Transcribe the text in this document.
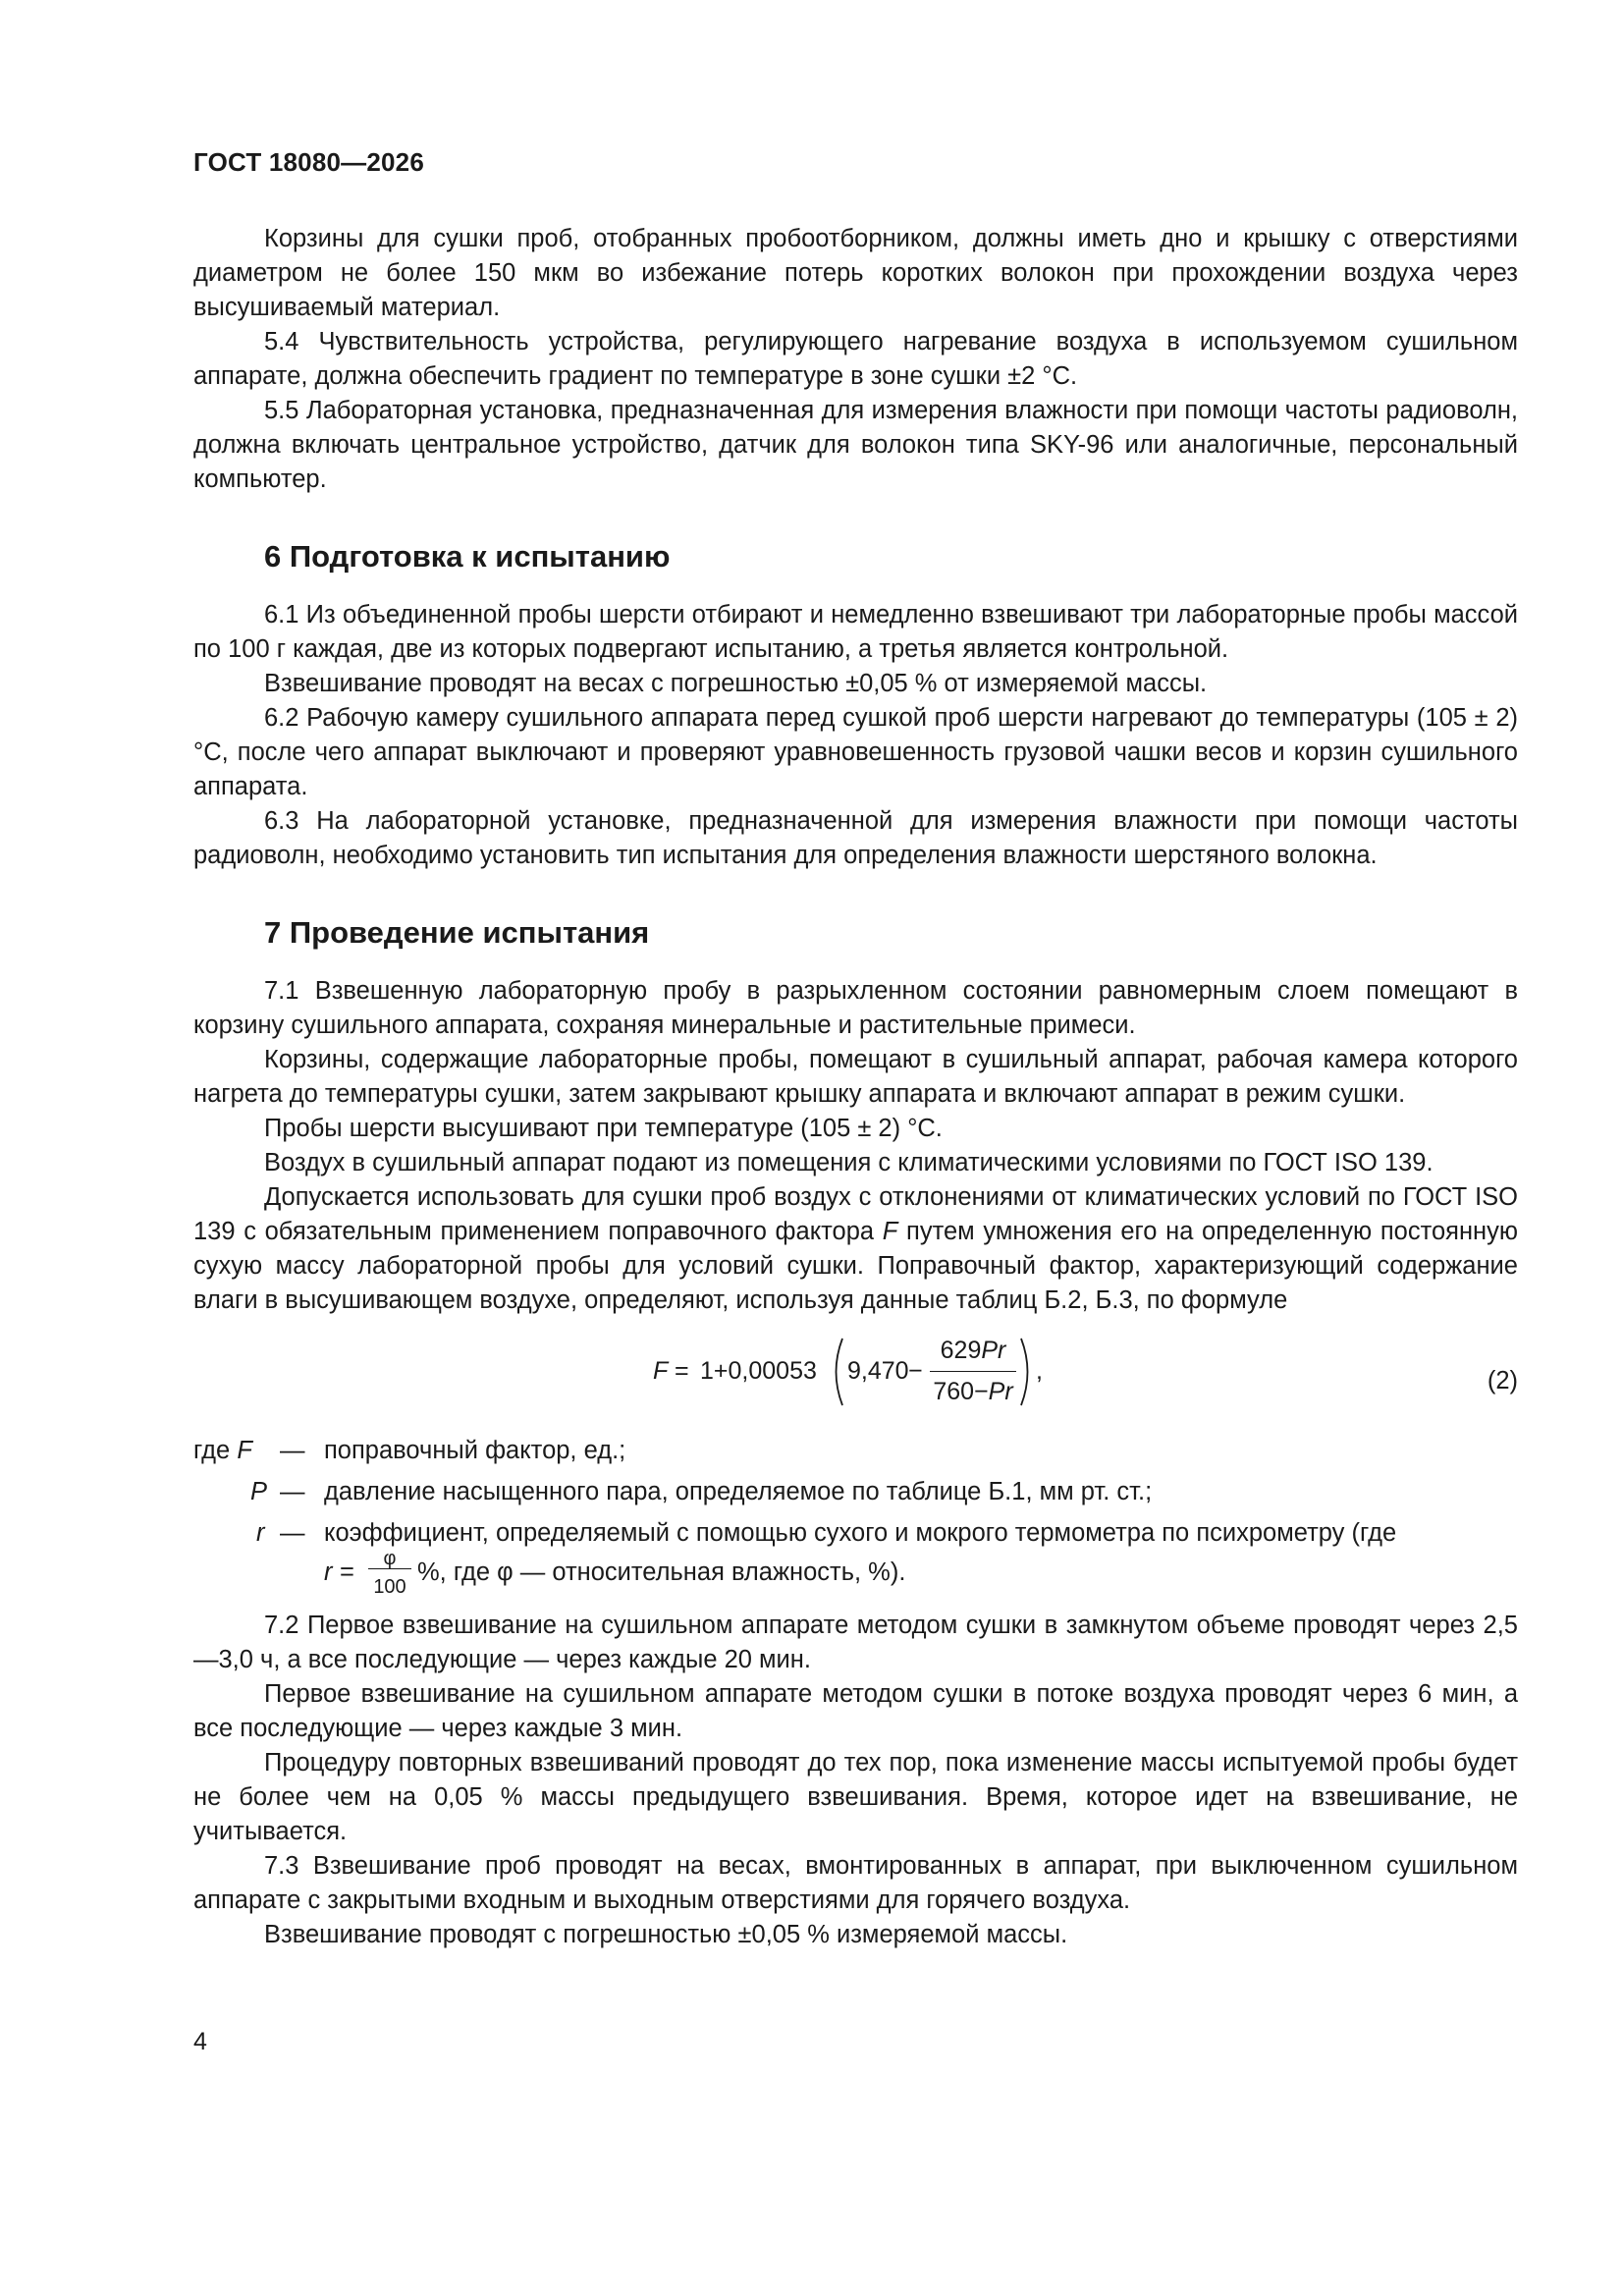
ГОСТ 18080—2026

Корзины для сушки проб, отобранных пробоотборником, должны иметь дно и крышку с отверстиями диаметром не более 150 мкм во избежание потерь коротких волокон при прохождении воздуха через высушиваемый материал.

5.4 Чувствительность устройства, регулирующего нагревание воздуха в используемом сушильном аппарате, должна обеспечить градиент по температуре в зоне сушки ±2 °С.

5.5 Лабораторная установка, предназначенная для измерения влажности при помощи частоты радиоволн, должна включать центральное устройство, датчик для волокон типа SKY-96 или аналогичные, персональный компьютер.

6 Подготовка к испытанию

6.1 Из объединенной пробы шерсти отбирают и немедленно взвешивают три лабораторные пробы массой по 100 г каждая, две из которых подвергают испытанию, а третья является контрольной.

Взвешивание проводят на весах с погрешностью ±0,05 % от измеряемой массы.

6.2 Рабочую камеру сушильного аппарата перед сушкой проб шерсти нагревают до температуры (105 ± 2) °С, после чего аппарат выключают и проверяют уравновешенность грузовой чашки весов и корзин сушильного аппарата.

6.3 На лабораторной установке, предназначенной для измерения влажности при помощи частоты радиоволн, необходимо установить тип испытания для определения влажности шерстяного волокна.

7 Проведение испытания

7.1 Взвешенную лабораторную пробу в разрыхленном состоянии равномерным слоем помещают в корзину сушильного аппарата, сохраняя минеральные и растительные примеси.

Корзины, содержащие лабораторные пробы, помещают в сушильный аппарат, рабочая камера которого нагрета до температуры сушки, затем закрывают крышку аппарата и включают аппарат в режим сушки.

Пробы шерсти высушивают при температуре (105 ± 2) °С.

Воздух в сушильный аппарат подают из помещения с климатическими условиями по ГОСТ ISO 139.

Допускается использовать для сушки проб воздух с отклонениями от климатических условий по ГОСТ ISO 139 с обязательным применением поправочного фактора F путем умножения его на определенную постоянную сухую массу лабораторной пробы для условий сушки. Поправочный фактор, характеризующий содержание влаги в высушивающем воздухе, определяют, используя данные таблиц Б.2, Б.3, по формуле

F = 1+0,00053 9,470 −
629Pr
760−Pr
,	(2)
где F — поправочный фактор, ед.;
P — давление насыщенного пара, определяемое по таблице Б.1, мм рт. ст.;
r — коэффициент, определяемый с помощью сухого и мокрого термометра по психрометру (где
r =	φ
100
%, где φ — относительная влажность, %).

7.2 Первое взвешивание на сушильном аппарате методом сушки в замкнутом объеме проводят через 2,5—3,0 ч, а все последующие — через каждые 20 мин.

Первое взвешивание на сушильном аппарате методом сушки в потоке воздуха проводят через 6 мин, а все последующие — через каждые 3 мин.

Процедуру повторных взвешиваний проводят до тех пор, пока изменение массы испытуемой пробы будет не более чем на 0,05 % массы предыдущего взвешивания. Время, которое идет на взвешивание, не учитывается.

7.3 Взвешивание проб проводят на весах, вмонтированных в аппарат, при выключенном сушильном аппарате с закрытыми входным и выходным отверстиями для горячего воздуха.

Взвешивание проводят с погрешностью ±0,05 % измеряемой массы.

4
